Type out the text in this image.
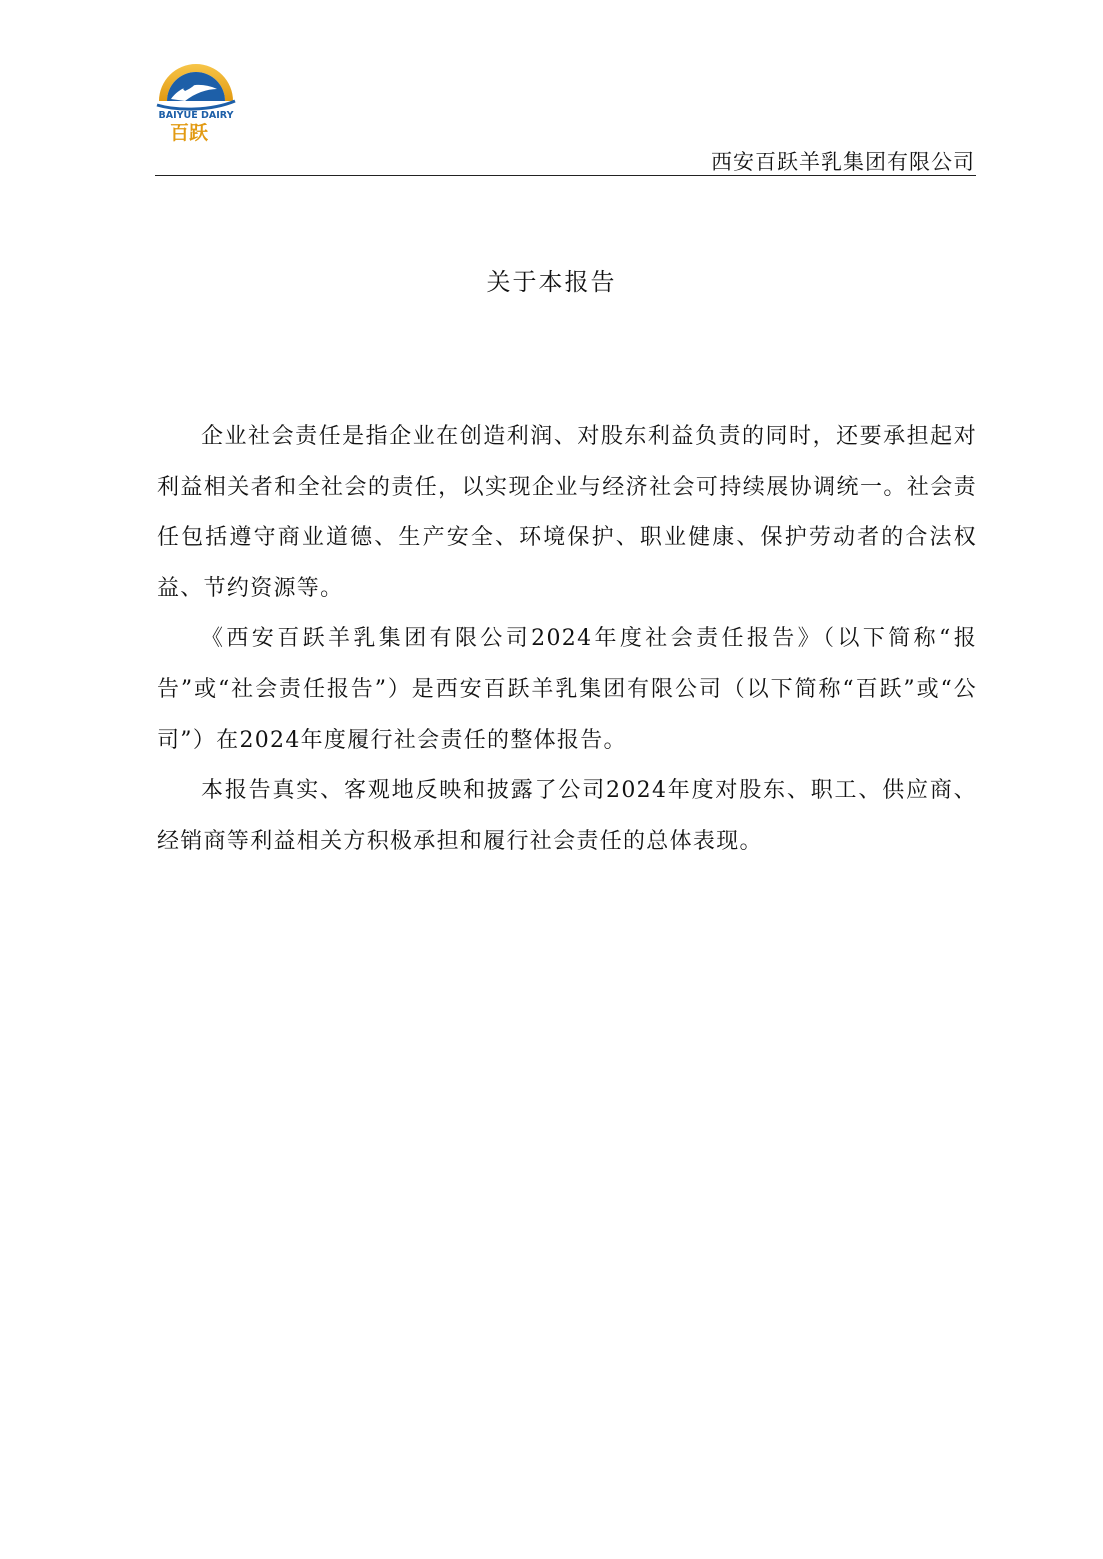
BAIYUE DAIRY
百跃
西安百跃羊乳集团有限公司
关于本报告

企业社会责任是指企业在创造利润、对股东利益负责的同时，还要承担起对利益相关者和全社会的责任，以实现企业与经济社会可持续展协调统一。社会责任包括遵守商业道德、生产安全、环境保护、职业健康、保护劳动者的合法权益、节约资源等。

《西安百跃羊乳集团有限公司2024年度社会责任报告》（以下简称“报告”或“社会责任报告”）是西安百跃羊乳集团有限公司（以下简称“百跃”或“公司”）在2024年度履行社会责任的整体报告。

本报告真实、客观地反映和披露了公司2024年度对股东、职工、供应商、经销商等利益相关方积极承担和履行社会责任的总体表现。
